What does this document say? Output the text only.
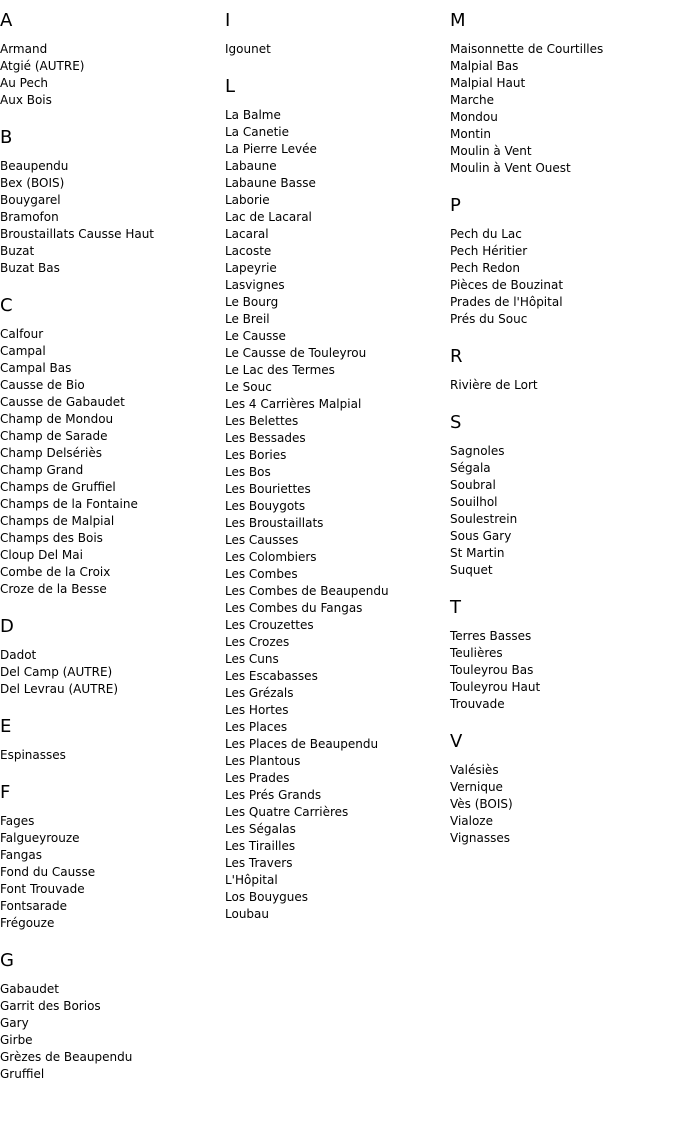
A
Armand
Atgié (AUTRE)
Au Pech
Aux Bois
B
Beaupendu
Bex (BOIS)
Bouygarel
Bramofon
Broustaillats Causse Haut
Buzat
Buzat Bas
C
Calfour
Campal
Campal Bas
Causse de Bio
Causse de Gabaudet
Champ de Mondou
Champ de Sarade
Champ Delsériès
Champ Grand
Champs de Gruffiel
Champs de la Fontaine
Champs de Malpial
Champs des Bois
Cloup Del Mai
Combe de la Croix
Croze de la Besse
D
Dadot
Del Camp (AUTRE)
Del Levrau (AUTRE)
E
Espinasses
F
Fages
Falgueyrouze
Fangas
Fond du Causse
Font Trouvade
Fontsarade
Frégouze
G
Gabaudet
Garrit des Borios
Gary
Girbe
Grèzes de Beaupendu
Gruffiel
I
Igounet
L
La Balme
La Canetie
La Pierre Levée
Labaune
Labaune Basse
Laborie
Lac de Lacaral
Lacaral
Lacoste
Lapeyrie
Lasvignes
Le Bourg
Le Breil
Le Causse
Le Causse de Touleyrou
Le Lac des Termes
Le Souc
Les 4 Carrières Malpial
Les Belettes
Les Bessades
Les Bories
Les Bos
Les Bouriettes
Les Bouygots
Les Broustaillats
Les Causses
Les Colombiers
Les Combes
Les Combes de Beaupendu
Les Combes du Fangas
Les Crouzettes
Les Crozes
Les Cuns
Les Escabasses
Les Grézals
Les Hortes
Les Places
Les Places de Beaupendu
Les Plantous
Les Prades
Les Prés Grands
Les Quatre Carrières
Les Ségalas
Les Tirailles
Les Travers
L'Hôpital
Los Bouygues
Loubau
M
Maisonnette de Courtilles
Malpial Bas
Malpial Haut
Marche
Mondou
Montin
Moulin à Vent
Moulin à Vent Ouest
P
Pech du Lac
Pech Héritier
Pech Redon
Pièces de Bouzinat
Prades de l'Hôpital
Prés du Souc
R
Rivière de Lort
S
Sagnoles
Ségala
Soubral
Souilhol
Soulestrein
Sous Gary
St Martin
Suquet
T
Terres Basses
Teulières
Touleyrou Bas
Touleyrou Haut
Trouvade
V
Valésiès
Vernique
Vès (BOIS)
Vialoze
Vignasses
